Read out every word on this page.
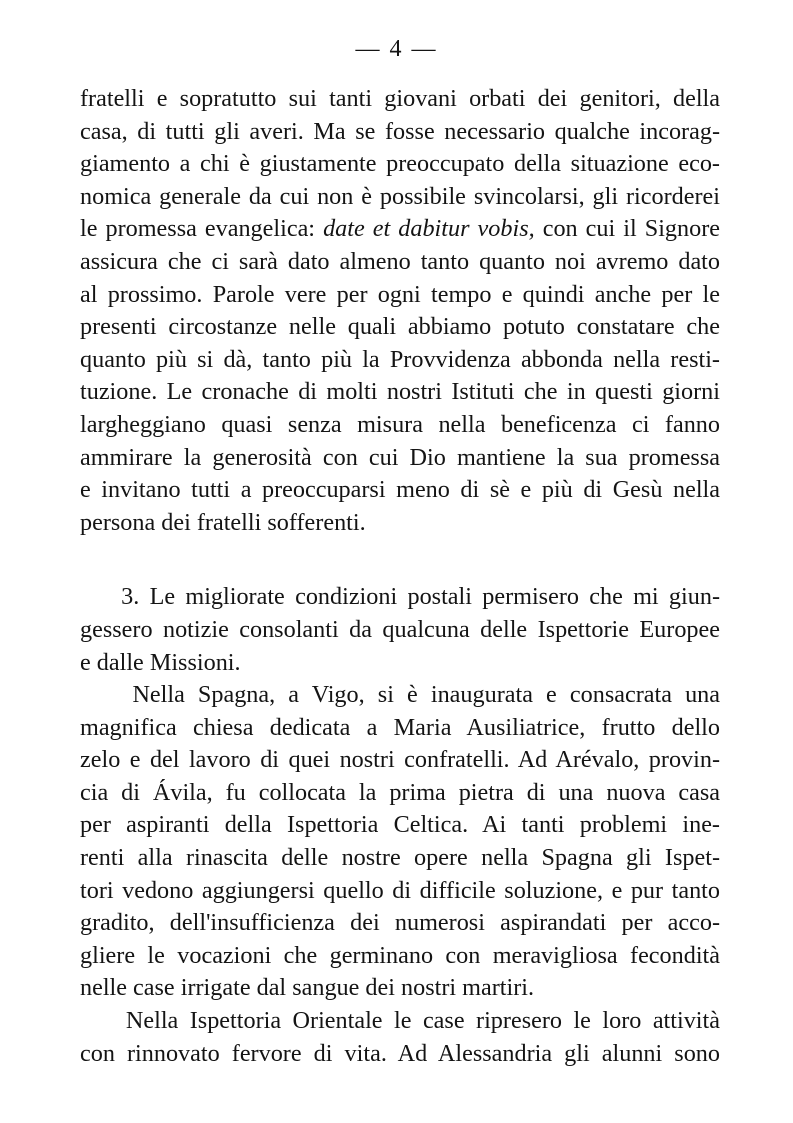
— 4 —
fratelli e sopratutto sui tanti giovani orbati dei genitori, della
casa, di tutti gli averi. Ma se fosse necessario qualche incorag-
giamento a chi è giustamente preoccupato della situazione eco-
nomica generale da cui non è possibile svincolarsi, gli ricorderei
le promessa evangelica: date et dabitur vobis, con cui il Signore
assicura che ci sarà dato almeno tanto quanto noi avremo dato
al prossimo. Parole vere per ogni tempo e quindi anche per le
presenti circostanze nelle quali abbiamo potuto constatare che
quanto più si dà, tanto più la Provvidenza abbonda nella resti-
tuzione. Le cronache di molti nostri Istituti che in questi giorni
largheggiano quasi senza misura nella beneficenza ci fanno
ammirare la generosità con cui Dio mantiene la sua promessa
e invitano tutti a preoccuparsi meno di sè e più di Gesù nella
persona dei fratelli sofferenti.
3. Le migliorate condizioni postali permisero che mi giun-
gessero notizie consolanti da qualcuna delle Ispettorie Europee
e dalle Missioni.
Nella Spagna, a Vigo, si è inaugurata e consacrata una
magnifica chiesa dedicata a Maria Ausiliatrice, frutto dello
zelo e del lavoro di quei nostri confratelli. Ad Arévalo, provin-
cia di Ávila, fu collocata la prima pietra di una nuova casa
per aspiranti della Ispettoria Celtica. Ai tanti problemi ine-
renti alla rinascita delle nostre opere nella Spagna gli Ispet-
tori vedono aggiungersi quello di difficile soluzione, e pur tanto
gradito, dell'insufficienza dei numerosi aspirandati per acco-
gliere le vocazioni che germinano con meravigliosa fecondità
nelle case irrigate dal sangue dei nostri martiri.
Nella Ispettoria Orientale le case ripresero le loro attività
con rinnovato fervore di vita. Ad Alessandria gli alunni sono
